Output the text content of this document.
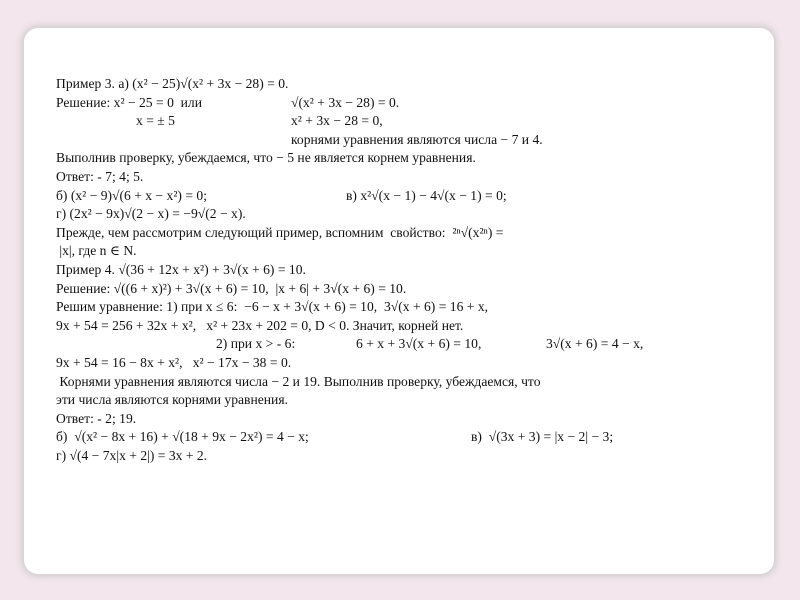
Пример 3. а) (x² − 25)√(x² + 3x − 28) = 0.
Решение: x² − 25 = 0  или	√(x² + 3x − 28) = 0.
x = ± 5	x² + 3x − 28 = 0,
корнями уравнения являются числа − 7 и 4.
Выполнив проверку, убеждаемся, что − 5 не является корнем уравнения.
Ответ: - 7; 4; 5.
б) (x² − 9)√(6 + x − x²) = 0;	в) x²√(x − 1) − 4√(x − 1) = 0;
г) (2x² − 9x)√(2 − x) = −9√(2 − x).
Прежде, чем рассмотрим следующий пример, вспомним  свойство:  ²ⁿ√(x²ⁿ) =
|x|, где n ∈ N.
Пример 4. √(36 + 12x + x²) + 3√(x + 6) = 10.
Решение: √((6 + x)²) + 3√(x + 6) = 10,  |x + 6| + 3√(x + 6) = 10.
Решим уравнение: 1) при x ≤ 6:  −6 − x + 3√(x + 6) = 10,  3√(x + 6) = 16 + x,
9x + 54 = 256 + 32x + x²,   x² + 23x + 202 = 0, D < 0. Значит, корней нет.
2) при x > - 6:	6 + x + 3√(x + 6) = 10,	3√(x + 6) = 4 − x,
9x + 54 = 16 − 8x + x²,   x² − 17x − 38 = 0.
Корнями уравнения являются числа − 2 и 19. Выполнив проверку, убеждаемся, что
эти числа являются корнями уравнения.
Ответ: - 2; 19.
б)  √(x² − 8x + 16) + √(18 + 9x − 2x²) = 4 − x;	в)  √(3x + 3) = |x − 2| − 3;
г) √(4 − 7x|x + 2|) = 3x + 2.
